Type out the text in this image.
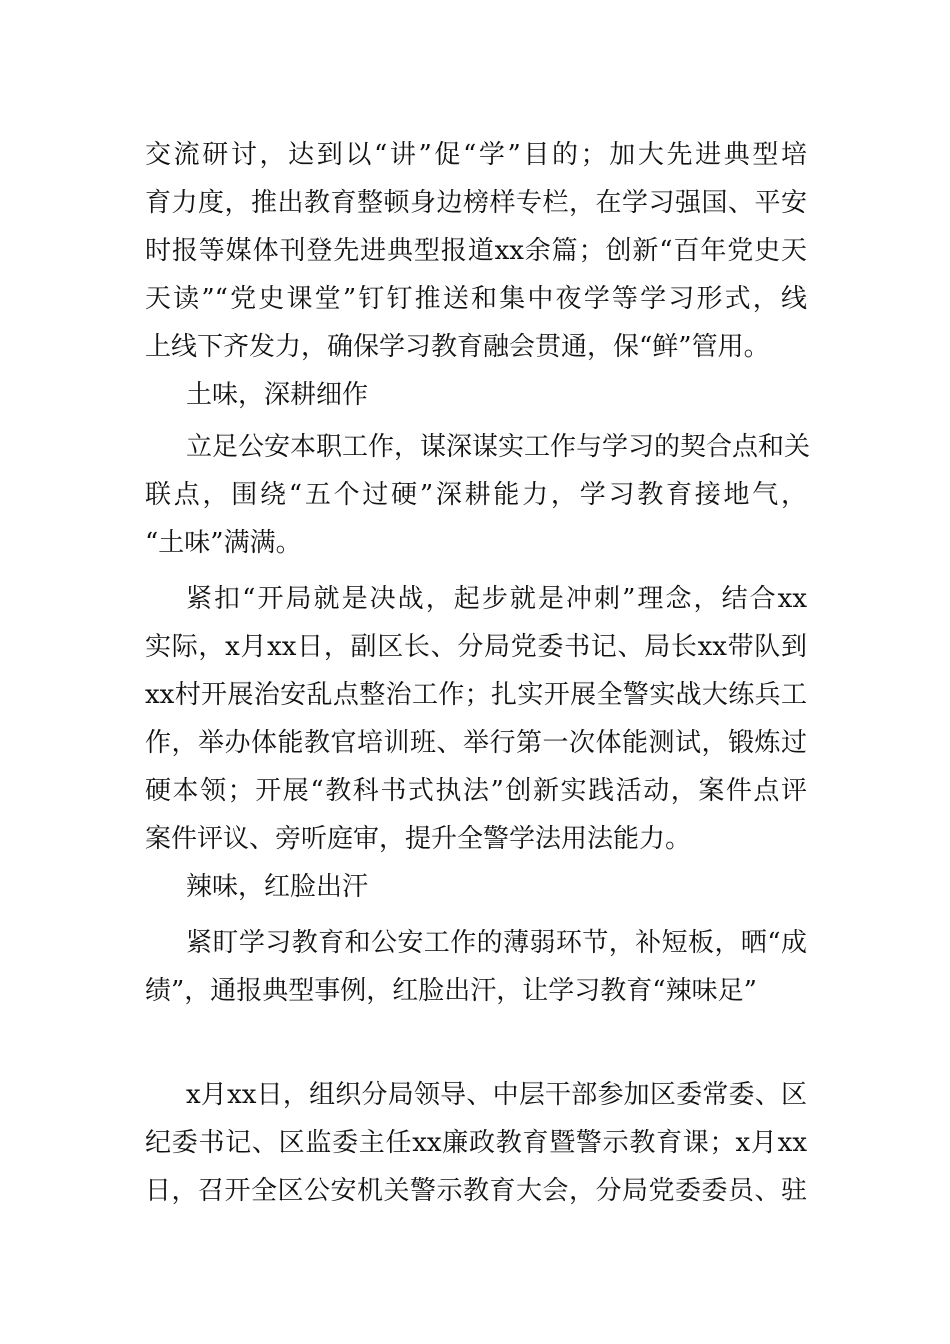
交流研讨，达到以“讲”促“学”目的；加大先进典型培
育力度，推出教育整顿身边榜样专栏，在学习强国、平安
时报等媒体刊登先进典型报道xx余篇；创新“百年党史天
天读”“党史课堂”钉钉推送和集中夜学等学习形式，线
上线下齐发力，确保学习教育融会贯通，保“鲜”管用。
土味，深耕细作
立足公安本职工作，谋深谋实工作与学习的契合点和关
联点，围绕“五个过硬”深耕能力，学习教育接地气，
“土味”满满。
紧扣“开局就是决战，起步就是冲刺”理念，结合xx
实际，x月xx日，副区长、分局党委书记、局长xx带队到
xx村开展治安乱点整治工作；扎实开展全警实战大练兵工
作，举办体能教官培训班、举行第一次体能测试，锻炼过
硬本领；开展“教科书式执法”创新实践活动，案件点评
案件评议、旁听庭审，提升全警学法用法能力。
辣味，红脸出汗
紧盯学习教育和公安工作的薄弱环节，补短板，晒“成
绩”，通报典型事例，红脸出汗，让学习教育“辣味足”
x月xx日，组织分局领导、中层干部参加区委常委、区
纪委书记、区监委主任xx廉政教育暨警示教育课；x月xx
日，召开全区公安机关警示教育大会，分局党委委员、驻
